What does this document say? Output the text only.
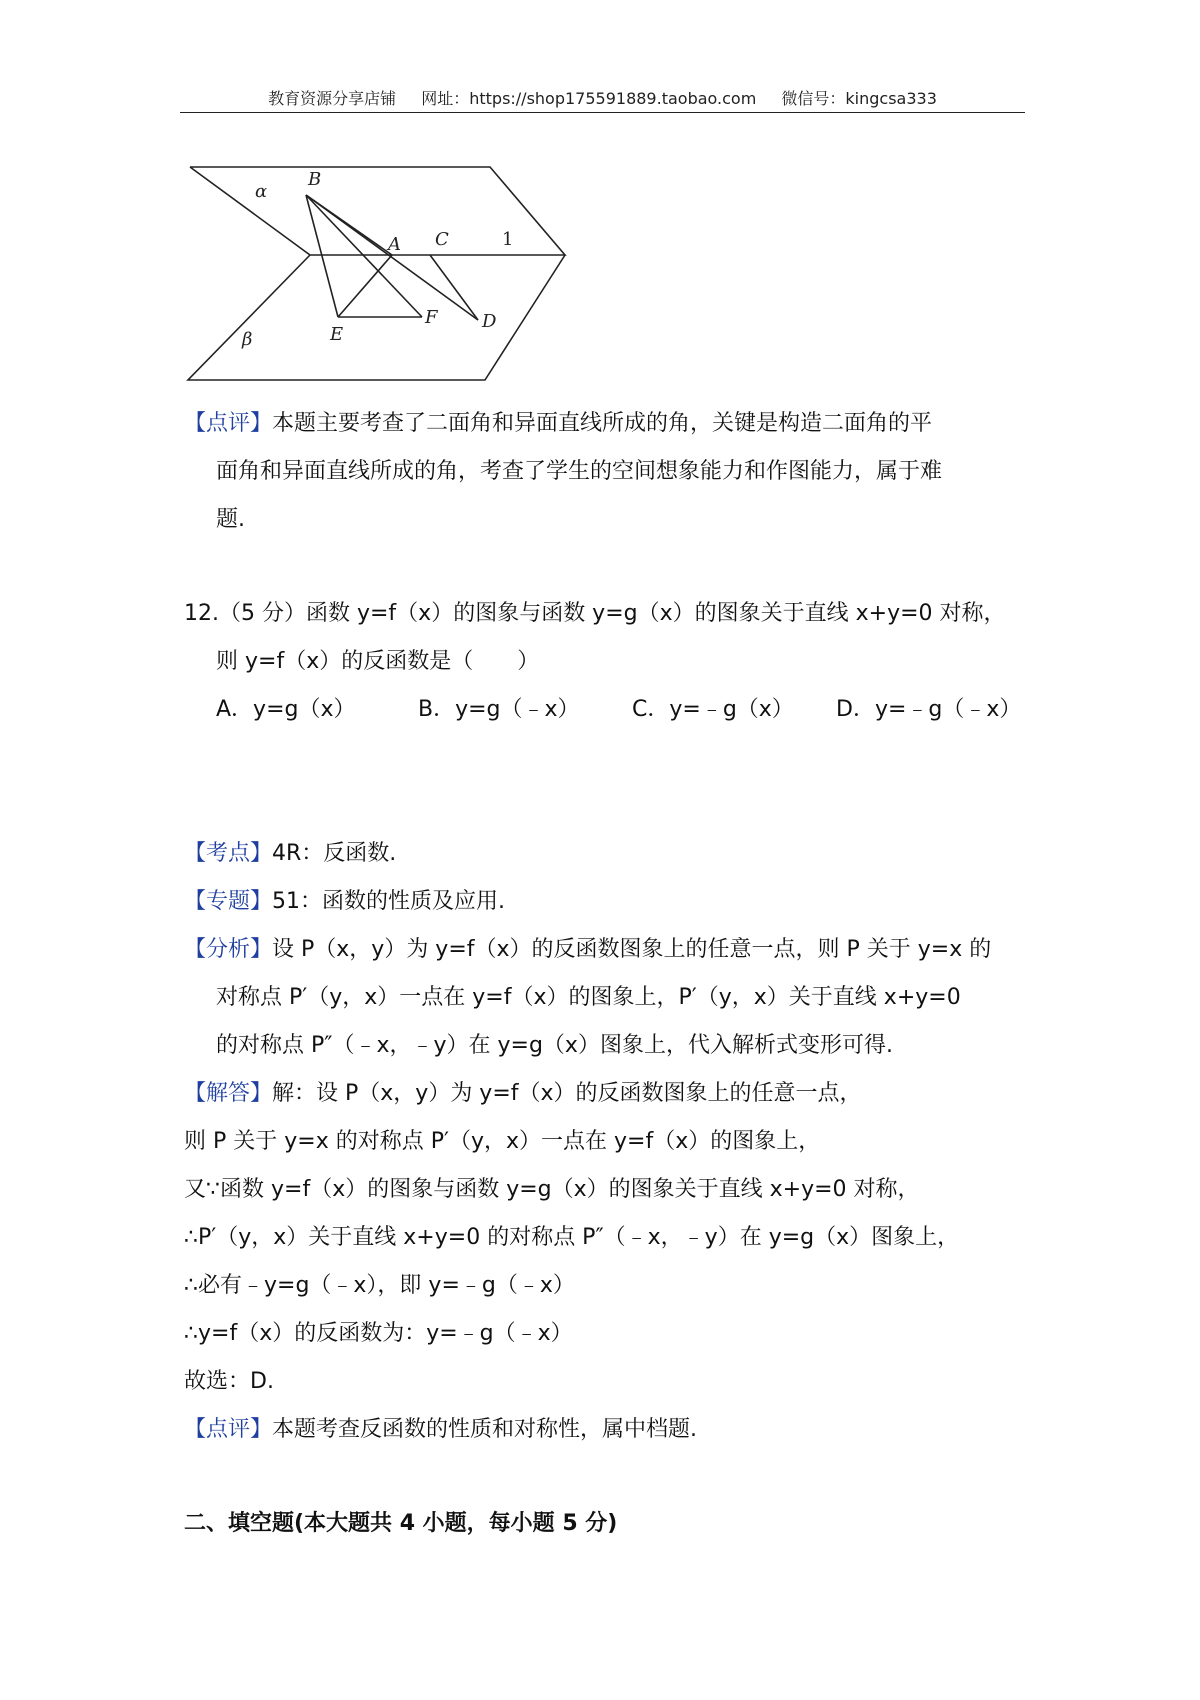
教育资源分享店铺 网址：https://shop175591889.taobao.com 微信号：kingcsa333
α
β
B
A C	1
E
F D
【点评】本题主要考查了二面角和异面直线所成的角，关键是构造二面角的平
面角和异面直线所成的角，考查了学生的空间想象能力和作图能力，属于难
题.
12.（5 分）函数 y=f（x）的图象与函数 y=g（x）的图象关于直线 x+y=0 对称，
则 y=f（x）的反函数是（　　）
A．y=g（x）	B．y=g（﹣x） C．y=﹣g（x） D．y=﹣g（﹣x）
【考点】4R：反函数.
【专题】51：函数的性质及应用.
【分析】设 P（x，y）为 y=f（x）的反函数图象上的任意一点，则 P 关于 y=x 的
对称点 P′（y，x）一点在 y=f（x）的图象上，P′（y，x）关于直线 x+y=0
的对称点 P″（﹣x，﹣y）在 y=g（x）图象上，代入解析式变形可得.
【解答】解：设 P（x，y）为 y=f（x）的反函数图象上的任意一点，
则 P 关于 y=x 的对称点 P′（y，x）一点在 y=f（x）的图象上，
又∵函数 y=f（x）的图象与函数 y=g（x）的图象关于直线 x+y=0 对称，
∴P′（y，x）关于直线 x+y=0 的对称点 P″（﹣x，﹣y）在 y=g（x）图象上，
∴必有﹣y=g（﹣x），即 y=﹣g（﹣x）
∴y=f（x）的反函数为：y=﹣g（﹣x）
故选：D.
【点评】本题考查反函数的性质和对称性，属中档题.
二、填空题(本大题共 4 小题，每小题 5 分)
